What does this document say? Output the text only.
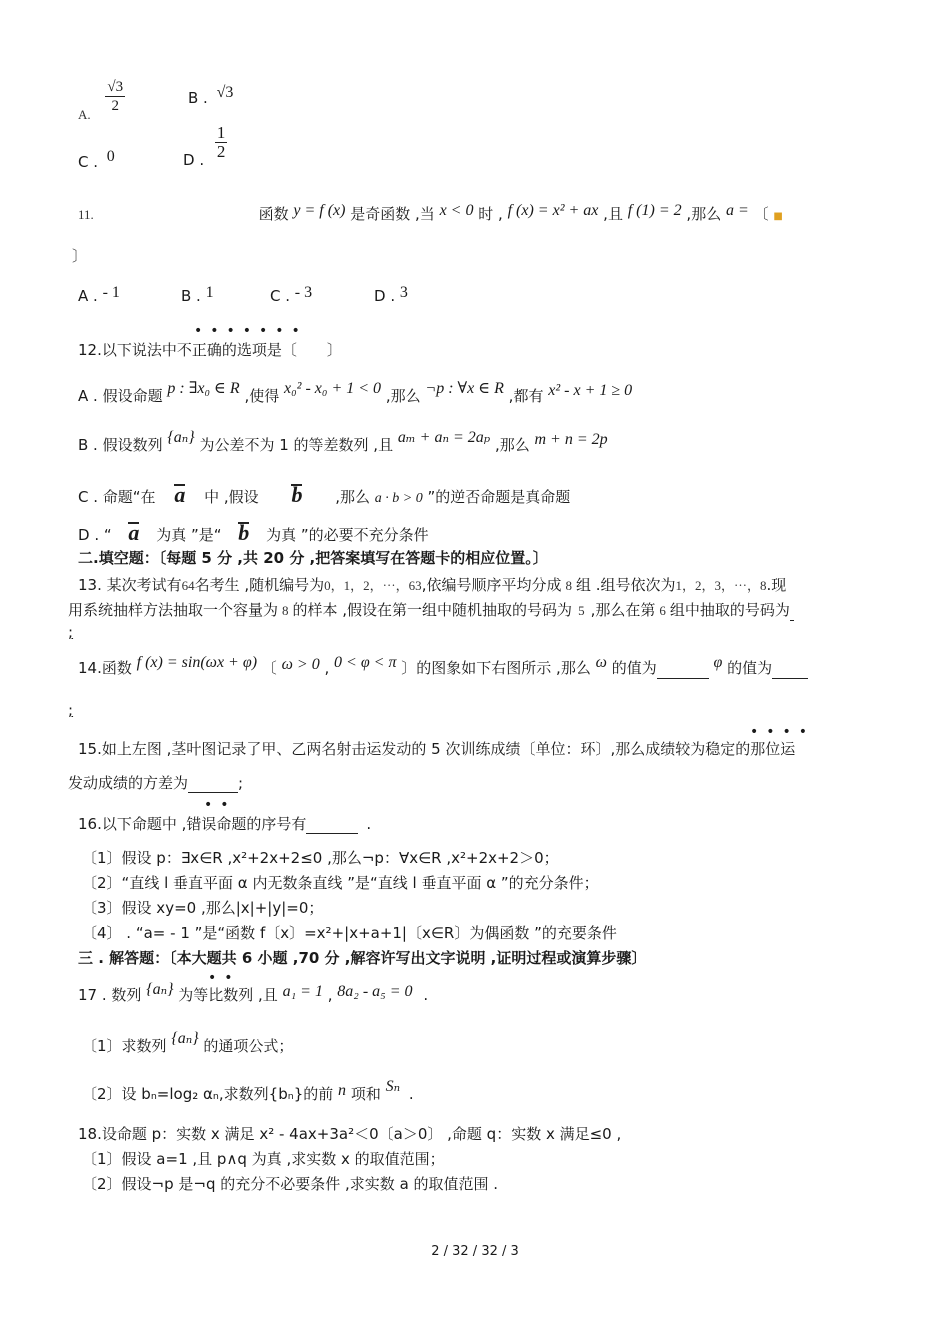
A. $\frac{√3}{2}$	B . √3
C . 0	D . $\frac{1}{2}$
11.	函数 y = f (x) 是奇函数 ,当 x < 0 时 , f (x) = x² + ax ,且 f (1) = 2 ,那么 a = 〔 ■
〕
A . - 1	B . 1	C . - 3	D . 3
•••••••
12.以下说法中不正确的选项是〔　　〕
A . 假设命题 p : ∃x₀ ∈ R ,使得 x₀² - x₀ + 1 < 0 ,那么 ¬p : ∀x ∈ R ,都有 x² - x + 1 ≥ 0
B . 假设数列 {aₙ} 为公差不为 1 的等差数列 ,且 aₘ + aₙ = 2aₚ ,那么 m + n = 2p
C . 命题“在 a 中 ,假设 b ,那么 a · b > 0 ”的逆否命题是真命题
D . “ a 为真 ”是“ b 为真 ”的必要不充分条件
二.填空题：〔每题 5 分 ,共 20 分 ,把答案填写在答题卡的相应位置。〕
13. 某次考试有64名考生 ,随机编号为0，1，2，⋯，63,依编号顺序平均分成 8 组 .组号依次为1，2，3，⋯，8.现
用系统抽样方法抽取一个容量为 8 的样本 ,假设在第一组中随机抽取的号码为 5 ,那么在第 6 组中抽取的号码为
;
14.函数 f (x) = sin(ωx + φ) 〔 ω > 0 , 0 < φ < π 〕的图象如下右图所示 ,那么 ω 的值为	φ 的值为
;
••••
15.如上左图 ,茎叶图记录了甲、乙两名射击运发动的 5 次训练成绩〔单位：环〕,那么成绩较为稳定的那位运
发动成绩的方差为	;
••
16.以下命题中 ,错误命题的序号有	.
〔1〕假设 p：∃x∈R ,x²+2x+2≤0 ,那么¬p：∀x∈R ,x²+2x+2＞0；
〔2〕“直线 l 垂直平面 α 内无数条直线 ”是“直线 l 垂直平面 α ”的充分条件；
〔3〕假设 xy=0 ,那么|x|+|y|=0；
〔4〕 . “a= - 1 ”是“函数 f〔x〕=x²+|x+a+1|〔x∈R〕为偶函数 ”的充要条件
三 . 解答题：〔本大题共 6 小题 ,70 分 ,解容许写出文字说明 ,证明过程或演算步骤〕
••
17 . 数列 {aₙ} 为等比数列 ,且 a₁ = 1 , 8a₂ - a₅ = 0 .
〔1〕求数列 {aₙ} 的通项公式；
〔2〕设 bₙ=log₂ αₙ,求数列{bₙ}的前 n 项和 Sₙ .
18.设命题 p：实数 x 满足 x² - 4ax+3a²＜0〔a＞0〕 ,命题 q：实数 x 满足≤0 ,
〔1〕假设 a=1 ,且 p∧q 为真 ,求实数 x 的取值范围；
〔2〕假设¬p 是¬q 的充分不必要条件 ,求实数 a 的取值范围 .
2 / 32 / 32 / 3
